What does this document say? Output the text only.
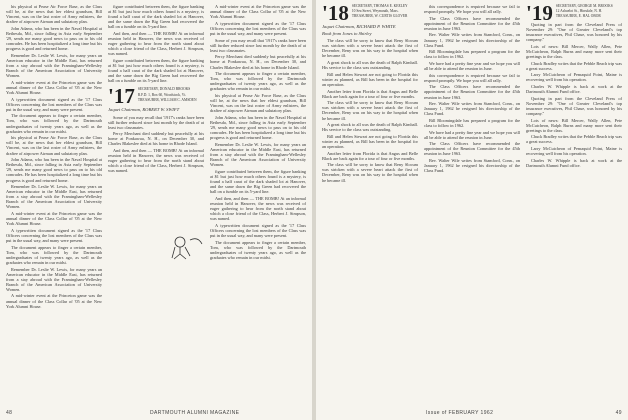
his physical at Pease Air Force Base, as the Class will be, at the news that her eldest grandson, Bill Vincent, was on the last roster of Army enlistees, the draftee of airpower Airman and salutatory plan.

John Adams, who has been in the Naval Hospital at Bethesda, Md., since falling in Asia early September '29, sends me many good news to pass on to his old comrades. He has been hospitalized a long time but his progress is good and returned home.

Remember Dr. Leslie W. Lewis, for many years an American educator in the Middle East, has returned from a stay abroad with the Framingham-Wellesley Branch of the American Association of University Women.

A mid-winter event at the Princeton game was the annual dinner of the Class Collar of '05 at the New York Alumni House.

A typewritten document signed as the '17 Class Officers concerning the lost members of the Class was put in the usual way, and many were present.

The document appears to finger a certain member, Tom, who was followed by the Dartmouth undergraduates of twenty years ago, as well as the graduates who remain in our midst.

his physical at Pease Air Force Base, as the Class will be, at the news that her eldest grandson, Bill Vincent, was on the last roster of Army enlistees, the draftee of airpower Airman and salutatory plan.

John Adams, who has been in the Naval Hospital at Bethesda, Md., since falling in Asia early September '29, sends me many good news to pass on to his old comrades. He has been hospitalized a long time but his progress is good and returned home.

Remember Dr. Leslie W. Lewis, for many years an American educator in the Middle East, has returned from a stay abroad with the Framingham-Wellesley Branch of the American Association of University Women.

A mid-winter event at the Princeton game was the annual dinner of the Class Collar of '05 at the New York Alumni House.

A typewritten document signed as the '17 Class Officers concerning the lost members of the Class was put in the usual way, and many were present.

The document appears to finger a certain member, Tom, who was followed by the Dartmouth undergraduates of twenty years ago, as well as the graduates who remain in our midst.

Remember Dr. Leslie W. Lewis, for many years an American educator in the Middle East, has returned from a stay abroad with the Framingham-Wellesley Branch of the American Association of University Women.

A mid-winter event at the Princeton game was the annual dinner of the Class Collar of '05 at the New York Alumni House.

figure contributed between them, the figure banking at $1 but just how much others found is a mystery, is found a half carat of the dark shaded lot at Hanover, and the same dawn the Big Green had recovered the ball on a fumble on its 5-yard line.

And then, and then — THE BOMB! At an informal reunion held in Hanover, the news was received of eager gathering to hear from the north stand about which a close friend of the Class, Herbert J. Simpson, was named.

figure contributed between them, the figure banking at $1 but just how much others found is a mystery, is found a half carat of the dark shaded lot at Hanover, and the same dawn the Big Green had recovered the ball on a fumble on its 5-yard line.

'17 SECRETARY, DONALD BROOKS
R.F.D. 1, Box 60, Woodstock, Vt.
TREASURER, WILLIAM C. AMSDEN

Jaquet Chairman, ROBERT W. SWIFT

Some of you may recall that '1917's ranks have been still further reduced since last month by the death of at least two classmates.

Percy Merchant died suddenly but peacefully at his home at Ponkawaa, N. H., on December 30, and Charles Blakeslee died at his home in Rhode Island.

And then, and then — THE BOMB! At an informal reunion held in Hanover, the news was received of eager gathering to hear from the north stand about which a close friend of the Class, Herbert J. Simpson, was named.

A mid-winter event at the Princeton game was the annual dinner of the Class Collar of '05 at the New York Alumni House.

A typewritten document signed as the '17 Class Officers concerning the lost members of the Class was put in the usual way, and many were present.

Some of you may recall that '1917's ranks have been still further reduced since last month by the death of at least two classmates.

Percy Merchant died suddenly but peacefully at his home at Ponkawaa, N. H., on December 30, and Charles Blakeslee died at his home in Rhode Island.

The document appears to finger a certain member, Tom, who was followed by the Dartmouth undergraduates of twenty years ago, as well as the graduates who remain in our midst.

his physical at Pease Air Force Base, as the Class will be, at the news that her eldest grandson, Bill Vincent, was on the last roster of Army enlistees, the draftee of airpower Airman and salutatory plan.

John Adams, who has been in the Naval Hospital at Bethesda, Md., since falling in Asia early September '29, sends me many good news to pass on to his old comrades. He has been hospitalized a long time but his progress is good and returned home.

Remember Dr. Leslie W. Lewis, for many years an American educator in the Middle East, has returned from a stay abroad with the Framingham-Wellesley Branch of the American Association of University Women.

figure contributed between them, the figure banking at $1 but just how much others found is a mystery, is found a half carat of the dark shaded lot at Hanover, and the same dawn the Big Green had recovered the ball on a fumble on its 5-yard line.

And then, and then — THE BOMB! At an informal reunion held in Hanover, the news was received of eager gathering to hear from the north stand about which a close friend of the Class, Herbert J. Simpson, was named.

A typewritten document signed as the '17 Class Officers concerning the lost members of the Class was put in the usual way, and many were present.

The document appears to finger a certain member, Tom, who was followed by the Dartmouth undergraduates of twenty years ago, as well as the graduates who remain in our midst.

48	DARTMOUTH ALUMNI MAGAZINE
'18 SECRETARY, THOMAS E. KEELEY
10 Sea Street, Weymouth, Mass.
TREASURER, W. CURTIS GLOVER

Jaquet Chairman, RICHARD P. WHITE

Book from Jones to Shirley

The class will be sorry to know that Reny Slocum was stricken with a severe heart attack the first of December, Reny was on his way to the hospital when he became ill.

A great shock to all was the death of Ralph Kimball. His service to the class was outstanding.

Bill and Helen Stewart are not going to Florida this winter as planned, as Bill has been in the hospital for an operation.

Another letter from Florida is that Angus and Belle Black are back again for a tour of four or five months.

The class will be sorry to know that Reny Slocum was stricken with a severe heart attack the first of December, Reny was on his way to the hospital when he became ill.

A great shock to all was the death of Ralph Kimball. His service to the class was outstanding.

Bill and Helen Stewart are not going to Florida this winter as planned, as Bill has been in the hospital for an operation.

Another letter from Florida is that Angus and Belle Black are back again for a tour of four or five months.

The class will be sorry to know that Reny Slocum was stricken with a severe heart attack the first of December, Reny was on his way to the hospital when he became ill.

this correspondence is required because we fail to respond promptly. We hope you will all rally.

The Class Officers have recommended the appointment of the Reunion Committee for the 45th reunion in June 1963.

Bev. Walter Wile writes from Stamford, Conn., on January 1, 1962 he resigned his directorship of the Class Fund.

Bill Bloomingdale has prepared a program for the class to follow in 1962.

We have had a pretty fine year and we hope you will all be able to attend the reunion in June.

this correspondence is required because we fail to respond promptly. We hope you will all rally.

The Class Officers have recommended the appointment of the Reunion Committee for the 45th reunion in June 1963.

Bev. Walter Wile writes from Stamford, Conn., on January 1, 1962 he resigned his directorship of the Class Fund.

Bill Bloomingdale has prepared a program for the class to follow in 1962.

We have had a pretty fine year and we hope you will all be able to attend the reunion in June.

The Class Officers have recommended the appointment of the Reunion Committee for the 45th reunion in June 1963.

Bev. Walter Wile writes from Stamford, Conn., on January 1, 1962 he resigned his directorship of the Class Fund.

'19 SECRETARY, GEORGE M. BROOKS
12 Ashuelot St., Hinsdale, N. H.
TREASURER, E. HAL OBOR

Quoting in part from the Cleveland Press of November 29: "One of Greater Cleveland's top insurance executives, Phil Chase, was honored by his company."

Lots of news: Bill Mercer, Wally Allen, Pete McCutcheon, Ralph Burns and many more sent their greetings to the class.

Chuck Bradley writes that the Pebble Beach trip was a great success.

Larry McCutcheon of Pemaquid Point, Maine is recovering well from his operation.

Charles W. Whipple is back at work at the Dartmouth Alumni Fund office.

Quoting in part from the Cleveland Press of November 29: "One of Greater Cleveland's top insurance executives, Phil Chase, was honored by his company."

Lots of news: Bill Mercer, Wally Allen, Pete McCutcheon, Ralph Burns and many more sent their greetings to the class.

Chuck Bradley writes that the Pebble Beach trip was a great success.

Larry McCutcheon of Pemaquid Point, Maine is recovering well from his operation.

Charles W. Whipple is back at work at the Dartmouth Alumni Fund office.

Issue of FEBRUARY 1962	49
